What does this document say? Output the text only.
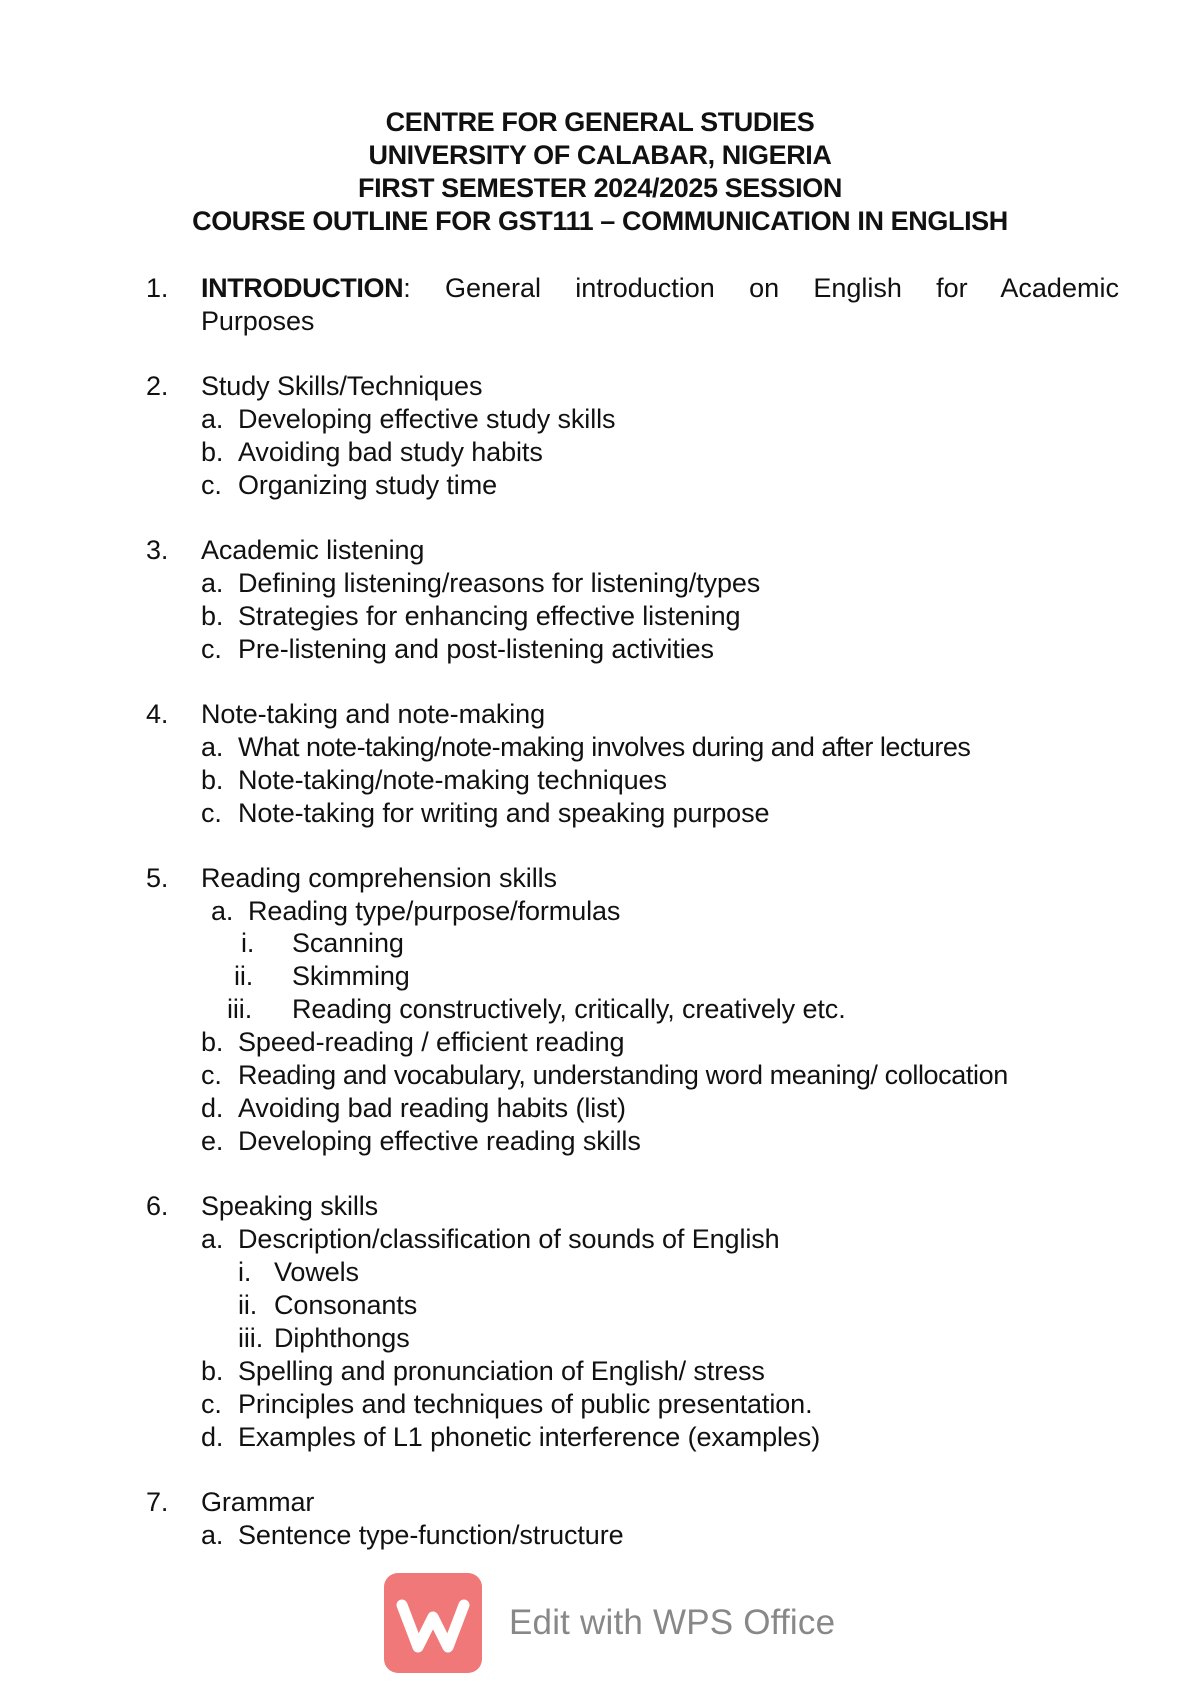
CENTRE FOR GENERAL STUDIES
UNIVERSITY OF CALABAR, NIGERIA
FIRST SEMESTER 2024/2025 SESSION
COURSE OUTLINE FOR GST111 – COMMUNICATION IN ENGLISH
1. INTRODUCTION: General introduction on English for Academic
Purposes
2. Study Skills/Techniques
a. Developing effective study skills
b. Avoiding bad study habits
c. Organizing study time
3. Academic listening
a. Defining listening/reasons for listening/types
b. Strategies for enhancing effective listening
c. Pre-listening and post-listening activities
4. Note-taking and note-making
a. What note-taking/note-making involves during and after lectures
b. Note-taking/note-making techniques
c. Note-taking for writing and speaking purpose
5. Reading comprehension skills
a. Reading type/purpose/formulas
i. Scanning
ii. Skimming
iii. Reading constructively, critically, creatively etc.
b. Speed-reading / efficient reading
c. Reading and vocabulary, understanding word meaning/ collocation
d. Avoiding bad reading habits (list)
e. Developing effective reading skills
6. Speaking skills
a. Description/classification of sounds of English
i. Vowels
ii. Consonants
iii. Diphthongs
b. Spelling and pronunciation of English/ stress
c. Principles and techniques of public presentation.
d. Examples of L1 phonetic interference (examples)
7. Grammar
a. Sentence type-function/structure
Edit with WPS Office
